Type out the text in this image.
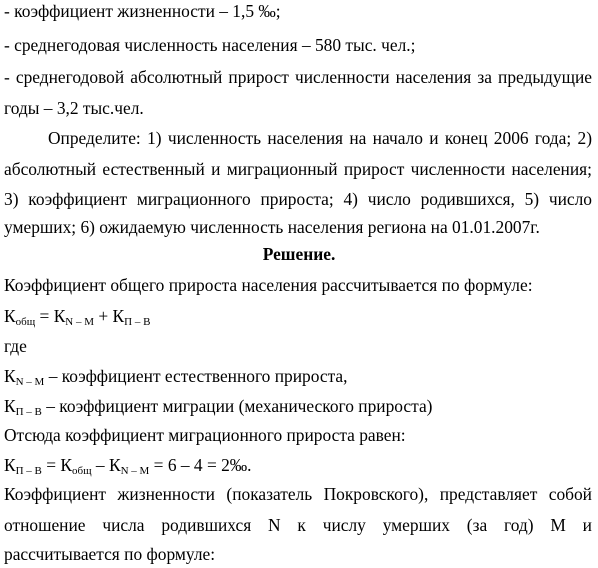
- коэффициент жизненности – 1,5 ‰;
- среднегодовая численность населения – 580 тыс. чел.;
- среднегодовой абсолютный прирост численности населения за предыдущие
годы – 3,2 тыс.чел.
Определите: 1) численность населения на начало и конец 2006 года; 2)
абсолютный естественный и миграционный прирост численности населения;
3) коэффициент миграционного прироста; 4) число родившихся, 5) число
умерших; 6) ожидаемую численность населения региона на 01.01.2007г.
Решение.
Коэффициент общего прироста населения рассчитывается по формуле:
$К_{общ} = К_{N - M} + К_{П - В}$
где
$К_{N - M}$ – коэффициент естественного прироста,
$К_{П - В}$ – коэффициент миграции (механического прироста)
Отсюда коэффициент миграционного прироста равен:
$К_{П - В} = К_{общ} - К_{N - M} = 6 - 4$ = 2‰.
Коэффициент жизненности (показатель Покровского), представляет собой
отношение числа родившихся N к числу умерших (за год) М и
рассчитывается по формуле:
